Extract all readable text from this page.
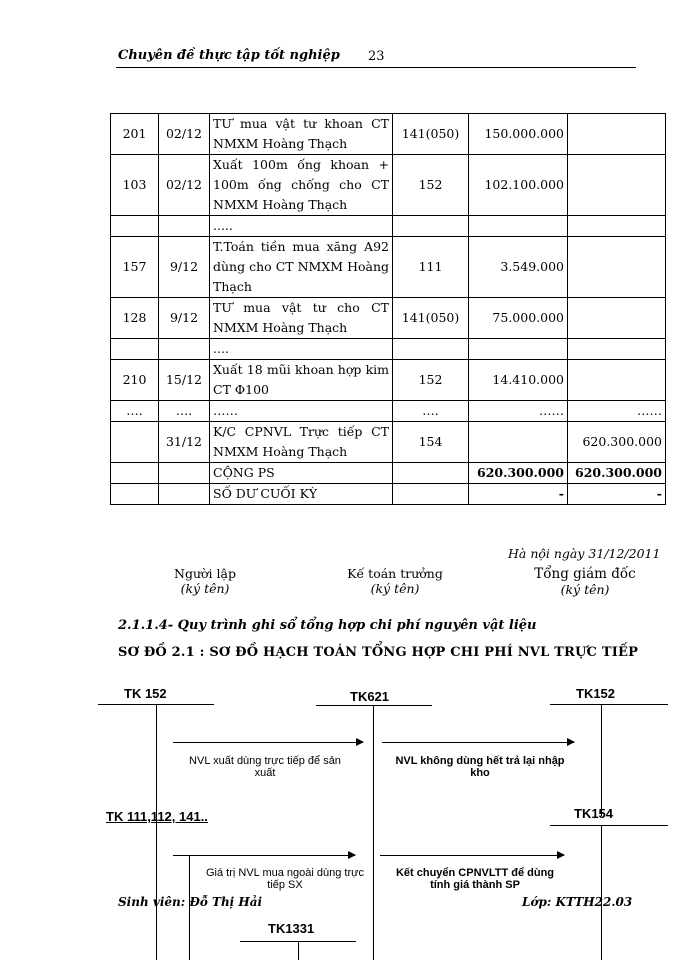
Chuyên đề thực tập tốt nghiệp 23
201	02/12	TƯ mua vật tư khoan CT NMXM Hoàng Thạch	141(050)	150.000.000	
103	02/12	Xuất 100m ống khoan + 100m ống chống cho CT NMXM Hoàng Thạch	152	102.100.000	
		.....			
157	9/12	T.Toán tiền mua xăng A92 dùng cho CT NMXM Hoàng Thạch	111	3.549.000	
128	9/12	TƯ mua vật tư cho CT NMXM Hoàng Thạch	141(050)	75.000.000	
		....			
210	15/12	Xuất 18 mũi khoan hợp kim CT Φ100	152	14.410.000	
….	….	……	….	……	……
	31/12	K/C CPNVL Trực tiếp CT NMXM Hoàng Thạch	154		620.300.000
		CỘNG PS		620.300.000	620.300.000
		SỐ DƯ CUỐI KỲ		-	-
Hà nội ngày 31/12/2011
Người lập
(ký tên)
Kế toán trưởng
(ký tên)
Tổng giám đốc
(ký tên)
2.1.1.4- Quy trình ghi sổ tổng hợp chi phí nguyên vật liệu
SƠ ĐỒ 2.1 : SƠ ĐỒ HẠCH TOÁN TỔNG HỢP CHI PHÍ NVL TRỰC TIẾP
TK 152	TK621	TK152
NVL xuất dùng trực tiếp để sản xuất
NVL không dùng hết trả lại nhập kho
TK 111,112, 141..	TK154
Giá trị NVL mua ngoài dùng trực tiếp SX
Kết chuyển CPNVLTT để dùng tính giá thành SP
Sinh viên: Đỗ Thị Hải	Lớp: KTTH22.03
TK1331
